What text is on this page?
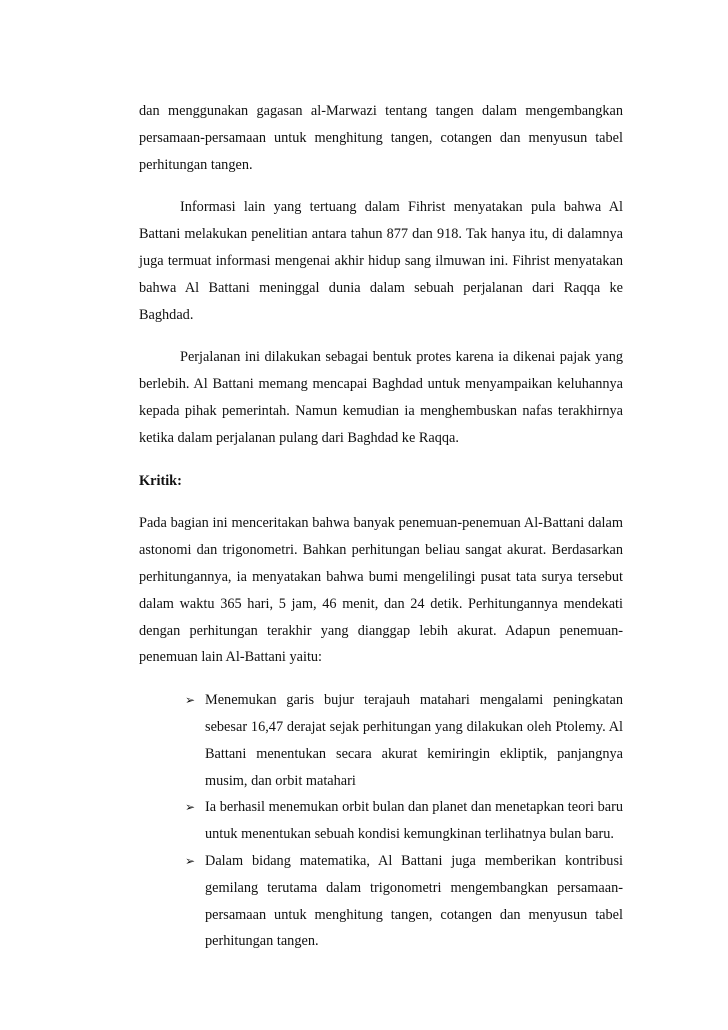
dan menggunakan gagasan al-Marwazi tentang tangen dalam mengembangkan persamaan-persamaan untuk menghitung tangen, cotangen dan menyusun tabel perhitungan tangen.

Informasi lain yang tertuang dalam Fihrist menyatakan pula bahwa Al Battani melakukan penelitian antara tahun 877 dan 918. Tak hanya itu, di dalamnya juga termuat informasi mengenai akhir hidup sang ilmuwan ini. Fihrist menyatakan bahwa Al Battani meninggal dunia dalam sebuah perjalanan dari Raqqa ke Baghdad.

Perjalanan ini dilakukan sebagai bentuk protes karena ia dikenai pajak yang berlebih. Al Battani memang mencapai Baghdad untuk menyampaikan keluhannya kepada pihak pemerintah. Namun kemudian ia menghembuskan nafas terakhirnya ketika dalam perjalanan pulang dari Baghdad ke Raqqa.

Kritik:

Pada bagian ini menceritakan bahwa banyak penemuan-penemuan Al-Battani dalam astonomi dan trigonometri. Bahkan perhitungan beliau sangat akurat. Berdasarkan perhitungannya, ia menyatakan bahwa bumi mengelilingi pusat tata surya tersebut dalam waktu 365 hari, 5 jam, 46 menit, dan 24 detik. Perhitungannya mendekati dengan perhitungan terakhir yang dianggap lebih akurat. Adapun penemuan-penemuan lain Al-Battani yaitu:

➢ Menemukan garis bujur terajauh matahari mengalami peningkatan sebesar 16,47 derajat sejak perhitungan yang dilakukan oleh Ptolemy. Al Battani menentukan secara akurat kemiringin ekliptik, panjangnya musim, dan orbit matahari
➢ Ia berhasil menemukan orbit bulan dan planet dan menetapkan teori baru untuk menentukan sebuah kondisi kemungkinan terlihatnya bulan baru.
➢ Dalam bidang matematika, Al Battani juga memberikan kontribusi gemilang terutama dalam trigonometri mengembangkan persamaan-persamaan untuk menghitung tangen, cotangen dan menyusun tabel perhitungan tangen.
